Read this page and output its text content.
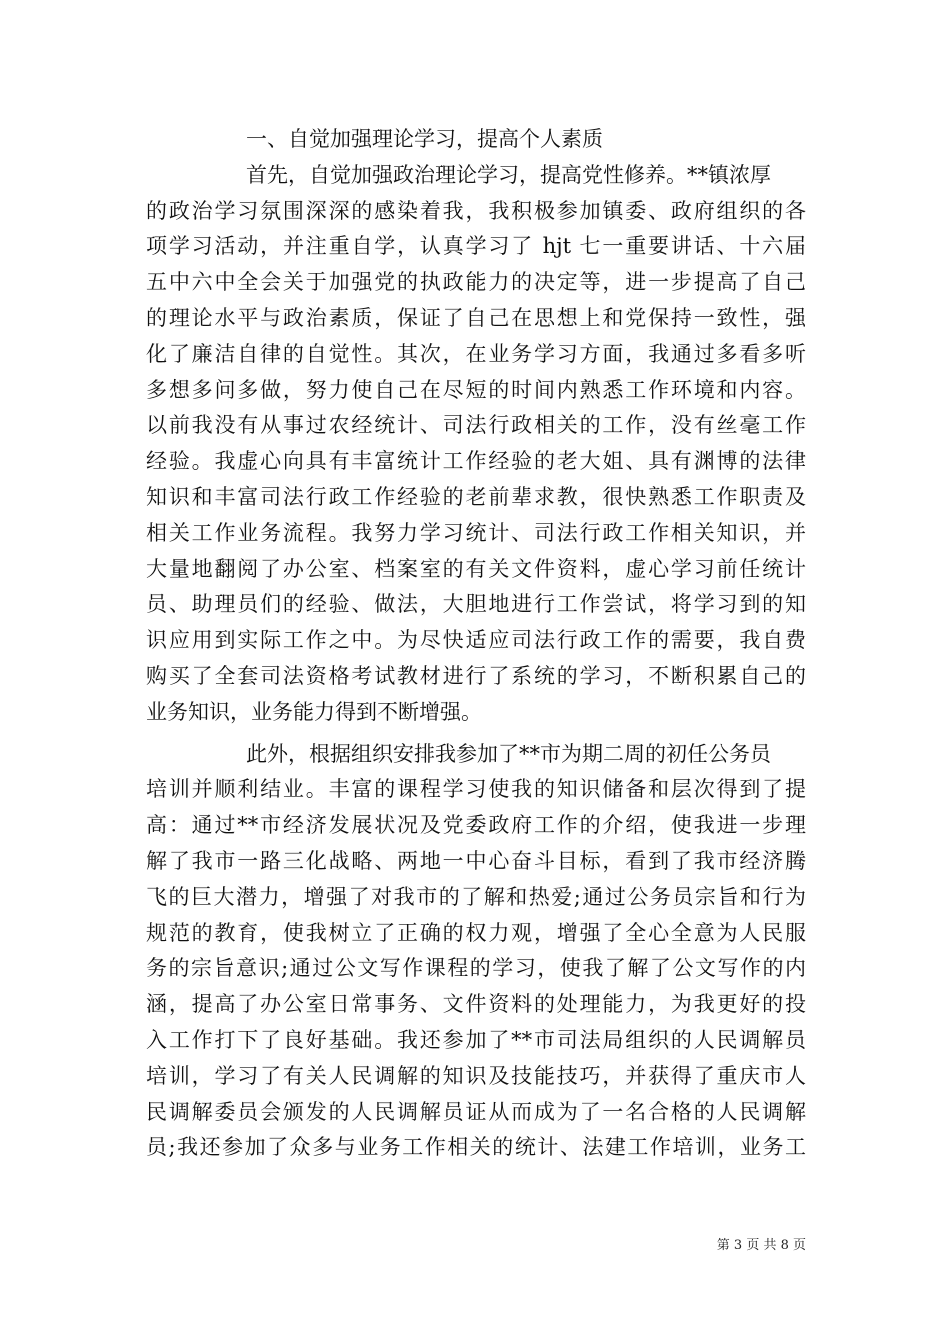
一、自觉加强理论学习，提高个人素质
首先，自觉加强政治理论学习，提高党性修养。**镇浓厚
的政治学习氛围深深的感染着我，我积极参加镇委、政府组织的各
项学习活动，并注重自学，认真学习了 hjt 七一重要讲话、十六届
五中六中全会关于加强党的执政能力的决定等，进一步提高了自己
的理论水平与政治素质，保证了自己在思想上和党保持一致性，强
化了廉洁自律的自觉性。其次，在业务学习方面，我通过多看多听
多想多问多做，努力使自己在尽短的时间内熟悉工作环境和内容。
以前我没有从事过农经统计、司法行政相关的工作，没有丝毫工作
经验。我虚心向具有丰富统计工作经验的老大姐、具有渊博的法律
知识和丰富司法行政工作经验的老前辈求教，很快熟悉工作职责及
相关工作业务流程。我努力学习统计、司法行政工作相关知识，并
大量地翻阅了办公室、档案室的有关文件资料，虚心学习前任统计
员、助理员们的经验、做法，大胆地进行工作尝试，将学习到的知
识应用到实际工作之中。为尽快适应司法行政工作的需要，我自费
购买了全套司法资格考试教材进行了系统的学习，不断积累自己的
业务知识，业务能力得到不断增强。
此外，根据组织安排我参加了**市为期二周的初任公务员
培训并顺利结业。丰富的课程学习使我的知识储备和层次得到了提
高：通过**市经济发展状况及党委政府工作的介绍，使我进一步理
解了我市一路三化战略、两地一中心奋斗目标，看到了我市经济腾
飞的巨大潜力，增强了对我市的了解和热爱;通过公务员宗旨和行为
规范的教育，使我树立了正确的权力观，增强了全心全意为人民服
务的宗旨意识;通过公文写作课程的学习，使我了解了公文写作的内
涵，提高了办公室日常事务、文件资料的处理能力，为我更好的投
入工作打下了良好基础。我还参加了**市司法局组织的人民调解员
培训，学习了有关人民调解的知识及技能技巧，并获得了重庆市人
民调解委员会颁发的人民调解员证从而成为了一名合格的人民调解
员;我还参加了众多与业务工作相关的统计、法建工作培训，业务工
第 3 页 共 8 页
